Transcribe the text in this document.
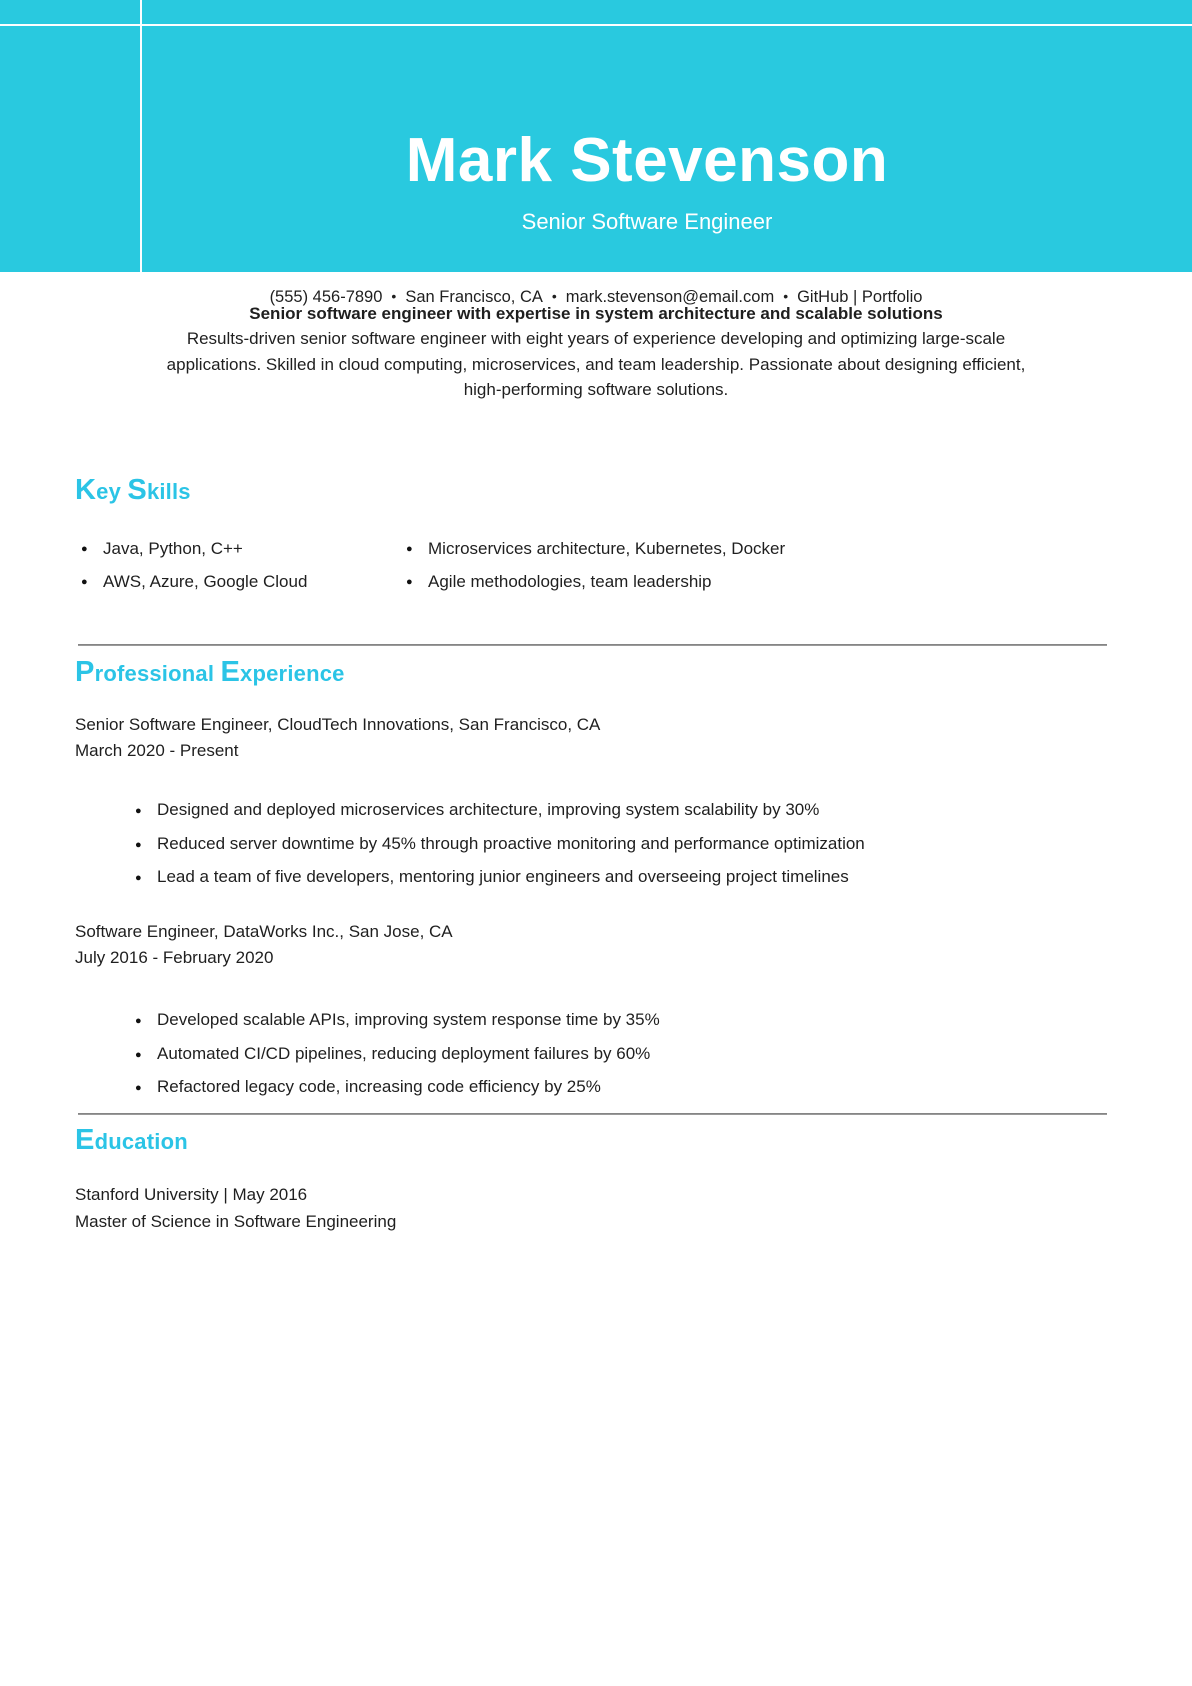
Mark Stevenson
Senior Software Engineer
(555) 456-7890 • San Francisco, CA • mark.stevenson@email.com • GitHub | Portfolio

Senior software engineer with expertise in system architecture and scalable solutions

Results-driven senior software engineer with eight years of experience developing and optimizing large-scale applications. Skilled in cloud computing, microservices, and team leadership. Passionate about designing efficient, high-performing software solutions.

Key Skills
● Java, Python, C++	● Microservices architecture, Kubernetes, Docker
● AWS, Azure, Google Cloud	● Agile methodologies, team leadership
Professional Experience
Senior Software Engineer, CloudTech Innovations, San Francisco, CA
March 2020 - Present
● Designed and deployed microservices architecture, improving system scalability by 30%
● Reduced server downtime by 45% through proactive monitoring and performance optimization
● Lead a team of five developers, mentoring junior engineers and overseeing project timelines
Software Engineer, DataWorks Inc., San Jose, CA
July 2016 - February 2020
● Developed scalable APIs, improving system response time by 35%
● Automated CI/CD pipelines, reducing deployment failures by 60%
● Refactored legacy code, increasing code efficiency by 25%
Education
Stanford University | May 2016
Master of Science in Software Engineering
